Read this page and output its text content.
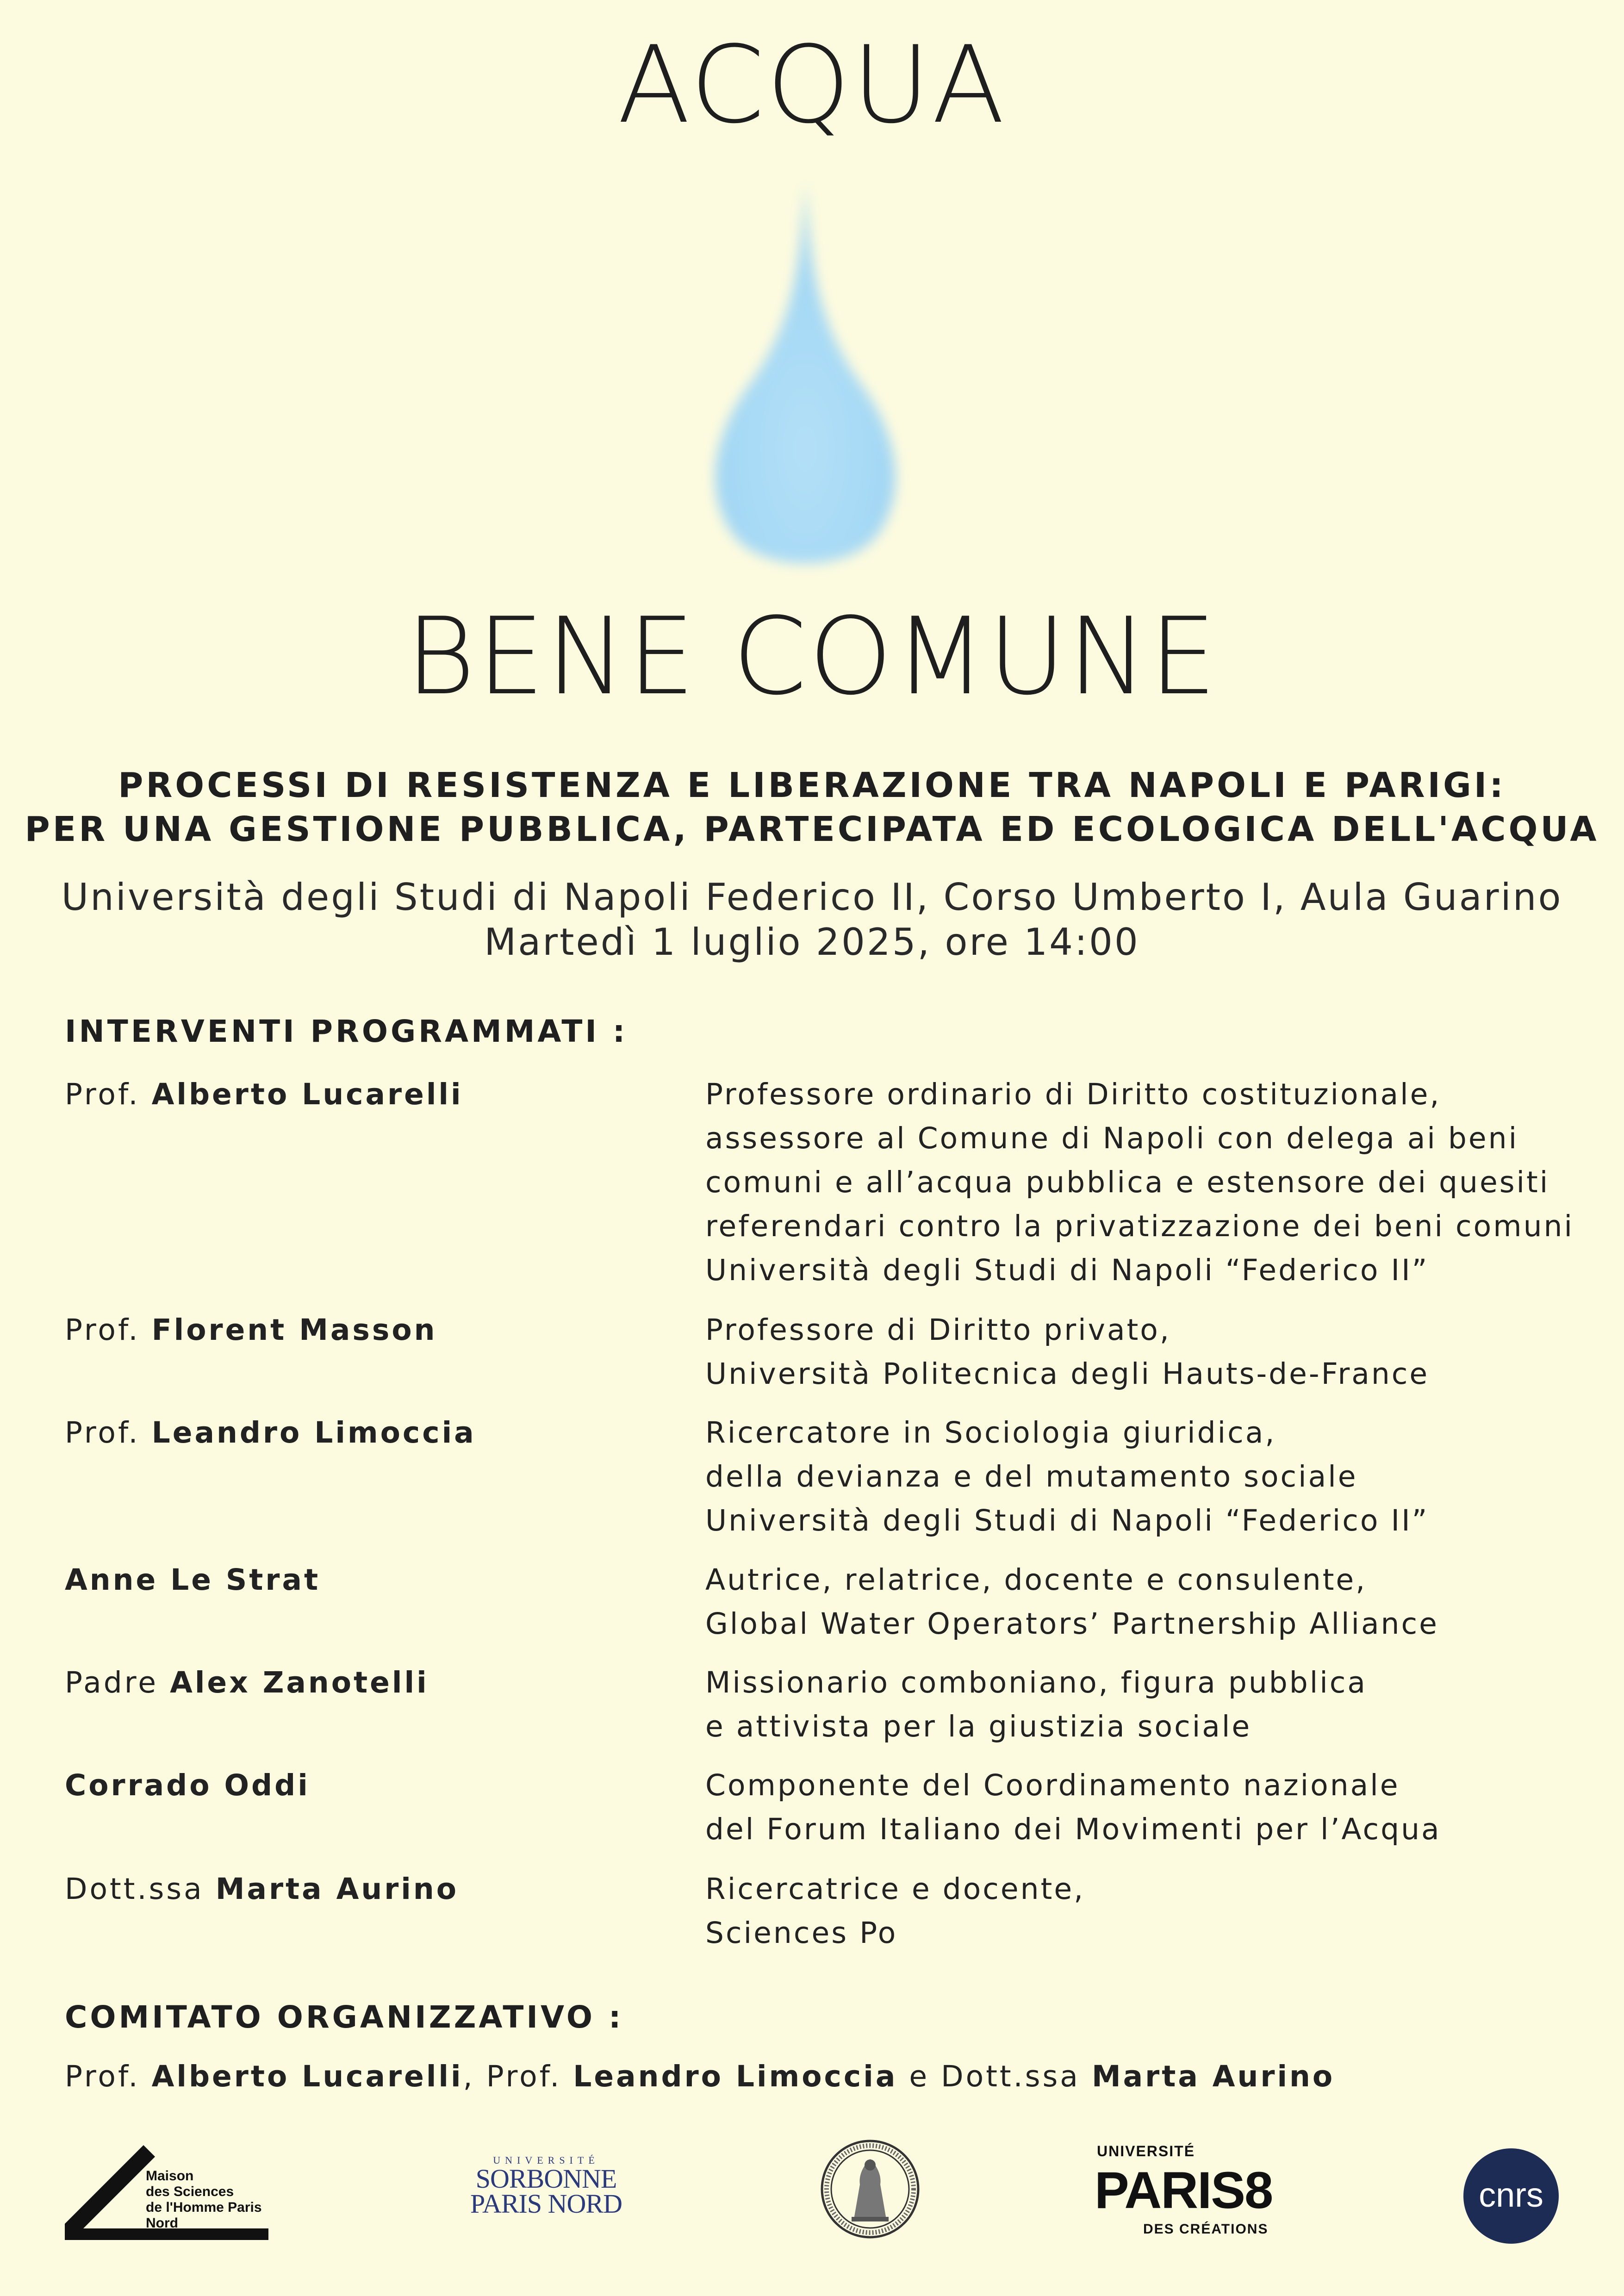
ACQUA
BENE COMUNE
PROCESSI DI RESISTENZA E LIBERAZIONE TRA NAPOLI E PARIGI:
PER UNA GESTIONE PUBBLICA, PARTECIPATA ED ECOLOGICA DELL'ACQUA
Università degli Studi di Napoli Federico II, Corso Umberto I, Aula Guarino
Martedì 1 luglio 2025, ore 14:00
INTERVENTI PROGRAMMATI :
Prof. Alberto Lucarelli	Professore ordinario di Diritto costituzionale,
assessore al Comune di Napoli con delega ai beni
comuni e all’acqua pubblica e estensore dei quesiti
referendari contro la privatizzazione dei beni comuni
Università degli Studi di Napoli “Federico II”
Prof. Florent Masson	Professore di Diritto privato,
Università Politecnica degli Hauts-de-France
Prof. Leandro Limoccia	Ricercatore in Sociologia giuridica,
della devianza e del mutamento sociale
Università degli Studi di Napoli “Federico II”
Anne Le Strat	Autrice, relatrice, docente e consulente,
Global Water Operators’ Partnership Alliance
Padre Alex Zanotelli	Missionario comboniano, figura pubblica
e attivista per la giustizia sociale
Corrado Oddi	Componente del Coordinamento nazionale
del Forum Italiano dei Movimenti per l’Acqua
Dott.ssa Marta Aurino	Ricercatrice e docente,
Sciences Po
COMITATO ORGANIZZATIVO :
Prof. Alberto Lucarelli, Prof. Leandro Limoccia e Dott.ssa Marta Aurino
Maison
des Sciences
de l'Homme Paris Nord
UNIVERSITÉ
SORBONNE
PARIS NORD
UNIVERSITÉ
PARIS8
DES CRÉATIONS
cnrs
